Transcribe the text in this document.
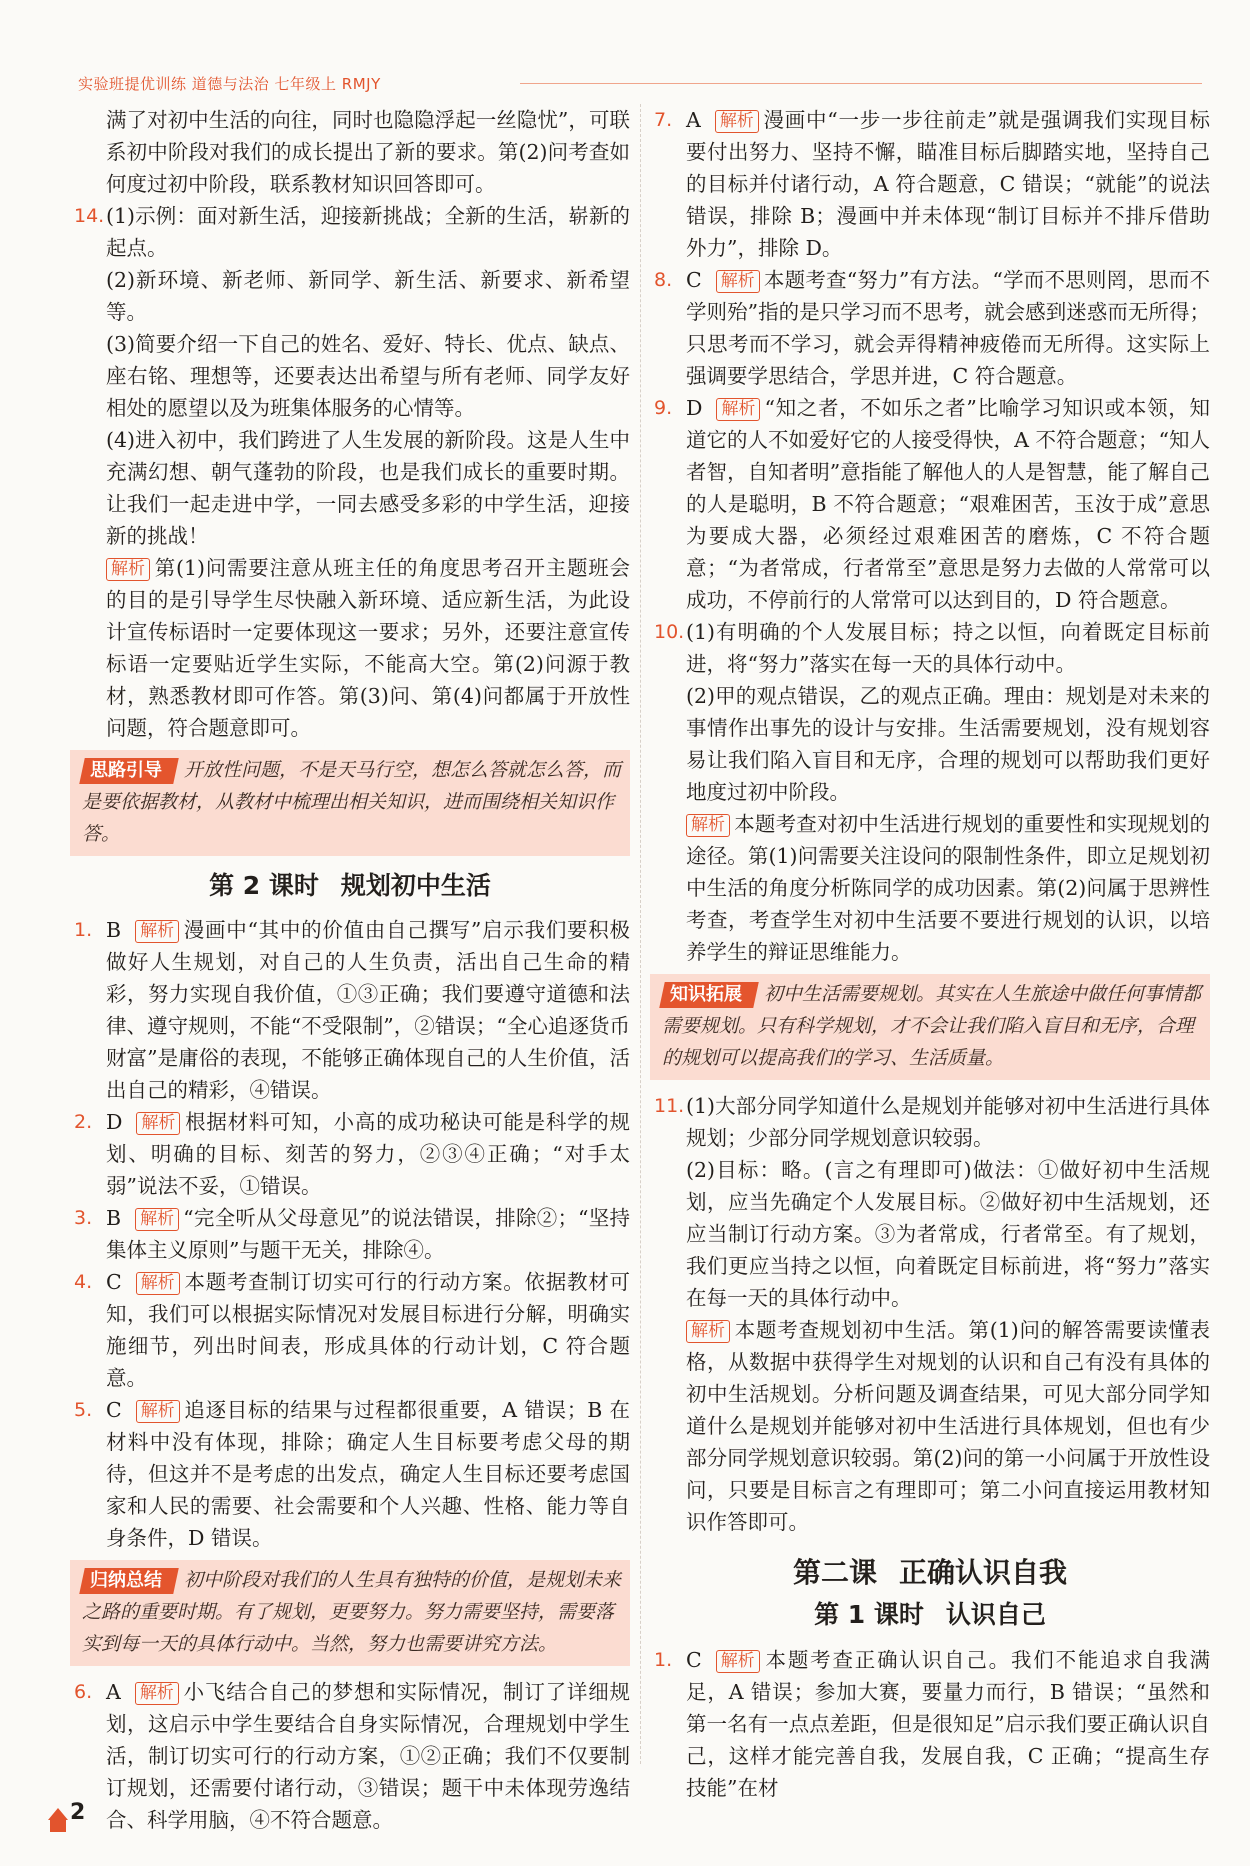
实验班提优训练 道德与法治 七年级上 RMJY

满了对初中生活的向往，同时也隐隐浮起一丝隐忧”，可联系初中阶段对我们的成长提出了新的要求。第(2)问考查如何度过初中阶段，联系教材知识回答即可。

14. (1)示例：面对新生活，迎接新挑战；全新的生活，崭新的起点。

(2)新环境、新老师、新同学、新生活、新要求、新希望等。

(3)简要介绍一下自己的姓名、爱好、特长、优点、缺点、座右铭、理想等，还要表达出希望与所有老师、同学友好相处的愿望以及为班集体服务的心情等。

(4)进入初中，我们跨进了人生发展的新阶段。这是人生中充满幻想、朝气蓬勃的阶段，也是我们成长的重要时期。让我们一起走进中学，一同去感受多彩的中学生活，迎接新的挑战！

解析 第(1)问需要注意从班主任的角度思考召开主题班会的目的是引导学生尽快融入新环境、适应新生活，为此设计宣传标语时一定要体现这一要求；另外，还要注意宣传标语一定要贴近学生实际，不能高大空。第(2)问源于教材，熟悉教材即可作答。第(3)问、第(4)问都属于开放性问题，符合题意即可。

思路引导 开放性问题，不是天马行空，想怎么答就怎么答，而是要依据教材，从教材中梳理出相关知识，进而围绕相关知识作答。
第 2 课时 规划初中生活
1. B 解析 漫画中“其中的价值由自己撰写”启示我们要积极做好人生规划，对自己的人生负责，活出自己生命的精彩，努力实现自我价值，①③正确；我们要遵守道德和法律、遵守规则，不能“不受限制”，②错误；“全心追逐货币财富”是庸俗的表现，不能够正确体现自己的人生价值，活出自己的精彩，④错误。

2. D 解析 根据材料可知，小高的成功秘诀可能是科学的规划、明确的目标、刻苦的努力，②③④正确；“对手太弱”说法不妥，①错误。

3. B 解析 “完全听从父母意见”的说法错误，排除②；“坚持集体主义原则”与题干无关，排除④。

4. C 解析 本题考查制订切实可行的行动方案。依据教材可知，我们可以根据实际情况对发展目标进行分解，明确实施细节，列出时间表，形成具体的行动计划，C 符合题意。

5. C 解析 追逐目标的结果与过程都很重要，A 错误；B 在材料中没有体现，排除；确定人生目标要考虑父母的期待，但这并不是考虑的出发点，确定人生目标还要考虑国家和人民的需要、社会需要和个人兴趣、性格、能力等自身条件，D 错误。

归纳总结 初中阶段对我们的人生具有独特的价值，是规划未来之路的重要时期。有了规划，更要努力。努力需要坚持，需要落实到每一天的具体行动中。当然，努力也需要讲究方法。
6. A 解析 小飞结合自己的梦想和实际情况，制订了详细规划，这启示中学生要结合自身实际情况，合理规划中学生活，制订切实可行的行动方案，①②正确；我们不仅要制订规划，还需要付诸行动，③错误；题干中未体现劳逸结合、科学用脑，④不符合题意。

7. A 解析 漫画中“一步一步往前走”就是强调我们实现目标要付出努力、坚持不懈，瞄准目标后脚踏实地，坚持自己的目标并付诸行动，A 符合题意，C 错误；“就能”的说法错误，排除 B；漫画中并未体现“制订目标并不排斥借助外力”，排除 D。

8. C 解析 本题考查“努力”有方法。“学而不思则罔，思而不学则殆”指的是只学习而不思考，就会感到迷惑而无所得；只思考而不学习，就会弄得精神疲倦而无所得。这实际上强调要学思结合，学思并进，C 符合题意。

9. D 解析 “知之者，不如乐之者”比喻学习知识或本领，知道它的人不如爱好它的人接受得快，A 不符合题意；“知人者智，自知者明”意指能了解他人的人是智慧，能了解自己的人是聪明，B 不符合题意；“艰难困苦，玉汝于成”意思为要成大器，必须经过艰难困苦的磨炼，C 不符合题意；“为者常成，行者常至”意思是努力去做的人常常可以成功，不停前行的人常常可以达到目的，D 符合题意。

10. (1)有明确的个人发展目标；持之以恒，向着既定目标前进，将“努力”落实在每一天的具体行动中。

(2)甲的观点错误，乙的观点正确。理由：规划是对未来的事情作出事先的设计与安排。生活需要规划，没有规划容易让我们陷入盲目和无序，合理的规划可以帮助我们更好地度过初中阶段。

解析 本题考查对初中生活进行规划的重要性和实现规划的途径。第(1)问需要关注设问的限制性条件，即立足规划初中生活的角度分析陈同学的成功因素。第(2)问属于思辨性考查，考查学生对初中生活要不要进行规划的认识，以培养学生的辩证思维能力。

知识拓展 初中生活需要规划。其实在人生旅途中做任何事情都需要规划。只有科学规划，才不会让我们陷入盲目和无序，合理的规划可以提高我们的学习、生活质量。
11. (1)大部分同学知道什么是规划并能够对初中生活进行具体规划；少部分同学规划意识较弱。

(2)目标：略。(言之有理即可)做法：①做好初中生活规划，应当先确定个人发展目标。②做好初中生活规划，还应当制订行动方案。③为者常成，行者常至。有了规划，我们更应当持之以恒，向着既定目标前进，将“努力”落实在每一天的具体行动中。

解析 本题考查规划初中生活。第(1)问的解答需要读懂表格，从数据中获得学生对规划的认识和自己有没有具体的初中生活规划。分析问题及调查结果，可见大部分同学知道什么是规划并能够对初中生活进行具体规划，但也有少部分同学规划意识较弱。第(2)问的第一小问属于开放性设问，只要是目标言之有理即可；第二小问直接运用教材知识作答即可。

第二课 正确认识自我
第 1 课时 认识自己
1. C 解析 本题考查正确认识自己。我们不能追求自我满足，A 错误；参加大赛，要量力而行，B 错误；“虽然和第一名有一点点差距，但是很知足”启示我们要正确认识自己，这样才能完善自我，发展自我，C 正确；“提高生存技能”在材

2
